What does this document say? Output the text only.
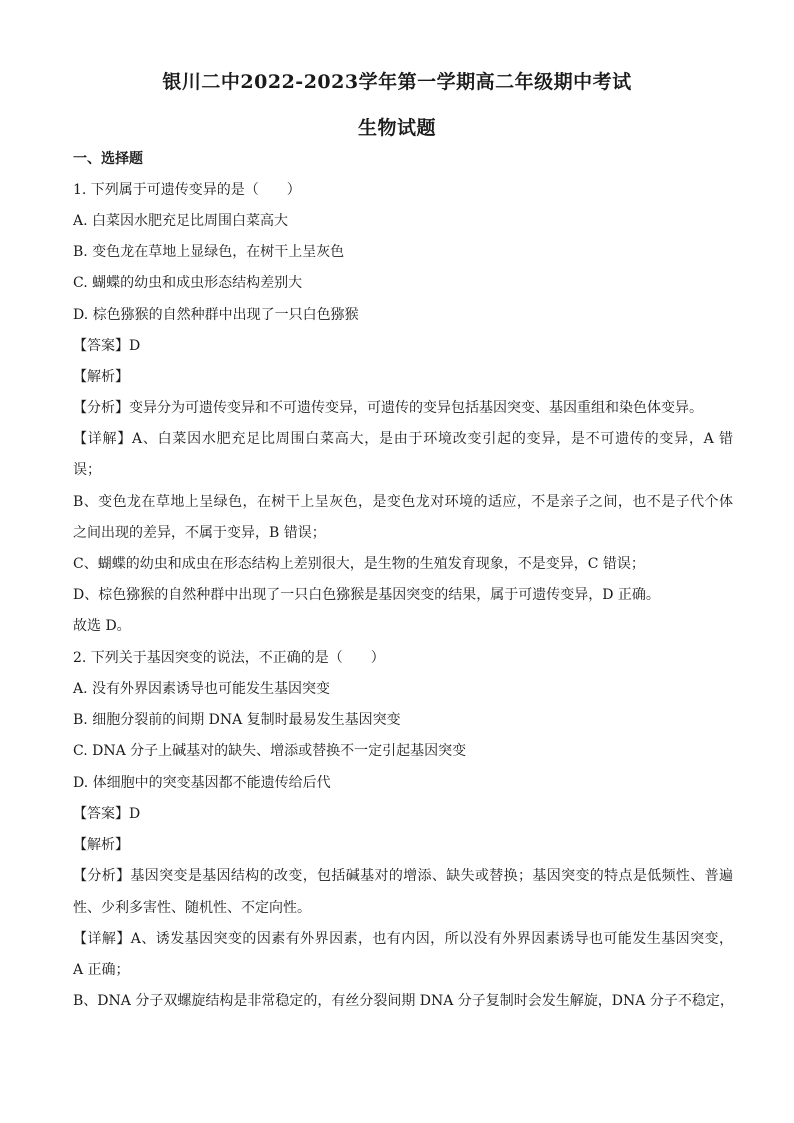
银川二中2022-2023学年第一学期高二年级期中考试
生物试题
一、选择题
1. 下列属于可遗传变异的是（　　）
A. 白菜因水肥充足比周围白菜高大
B. 变色龙在草地上显绿色，在树干上呈灰色
C. 蝴蝶的幼虫和成虫形态结构差别大
D. 棕色猕猴的自然种群中出现了一只白色猕猴
【答案】D
【解析】
【分析】变异分为可遗传变异和不可遗传变异，可遗传的变异包括基因突变、基因重组和染色体变异。
【详解】A、白菜因水肥充足比周围白菜高大，是由于环境改变引起的变异，是不可遗传的变异，A 错
误；
B、变色龙在草地上呈绿色，在树干上呈灰色，是变色龙对环境的适应，不是亲子之间，也不是子代个体
之间出现的差异，不属于变异，B 错误；
C、蝴蝶的幼虫和成虫在形态结构上差别很大，是生物的生殖发育现象，不是变异，C 错误；
D、棕色猕猴的自然种群中出现了一只白色猕猴是基因突变的结果，属于可遗传变异，D 正确。
故选 D。
2. 下列关于基因突变的说法，不正确的是（　　）
A. 没有外界因素诱导也可能发生基因突变
B. 细胞分裂前的间期 DNA 复制时最易发生基因突变
C. DNA 分子上碱基对的缺失、增添或替换不一定引起基因突变
D. 体细胞中的突变基因都不能遗传给后代
【答案】D
【解析】
【分析】基因突变是基因结构的改变，包括碱基对的增添、缺失或替换；基因突变的特点是低频性、普遍
性、少利多害性、随机性、不定向性。
【详解】A、诱发基因突变的因素有外界因素，也有内因，所以没有外界因素诱导也可能发生基因突变，
A 正确；
B、DNA 分子双螺旋结构是非常稳定的，有丝分裂间期 DNA 分子复制时会发生解旋，DNA 分子不稳定，
